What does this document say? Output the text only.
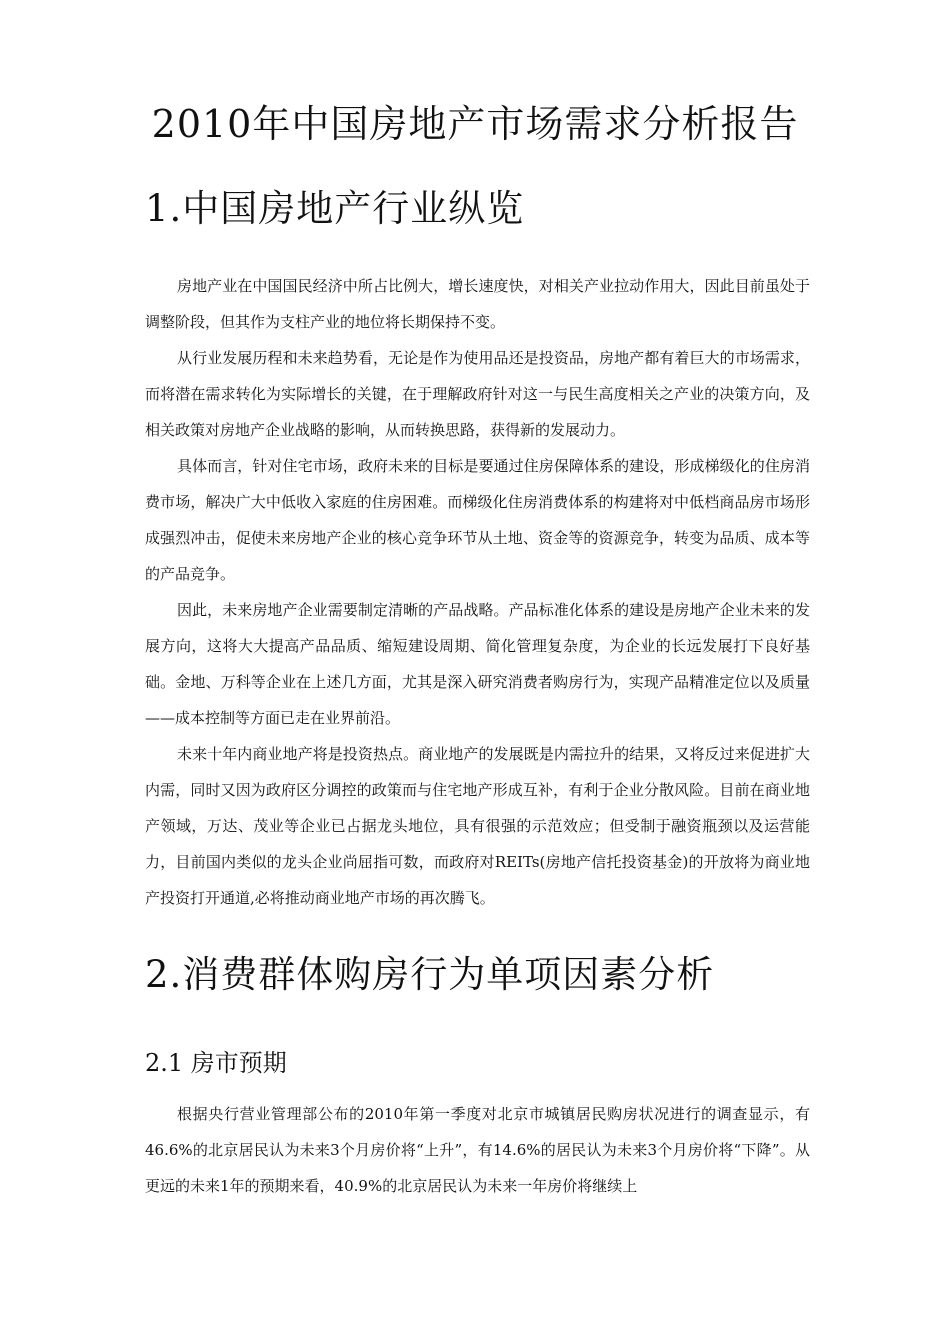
2010年中国房地产市场需求分析报告
1.中国房地产行业纵览

房地产业在中国国民经济中所占比例大，增长速度快，对相关产业拉动作用大，因此目前虽处于调整阶段，但其作为支柱产业的地位将长期保持不变。

从行业发展历程和未来趋势看，无论是作为使用品还是投资品，房地产都有着巨大的市场需求，而将潜在需求转化为实际增长的关键，在于理解政府针对这一与民生高度相关之产业的决策方向，及相关政策对房地产企业战略的影响，从而转换思路，获得新的发展动力。

具体而言，针对住宅市场，政府未来的目标是要通过住房保障体系的建设，形成梯级化的住房消费市场，解决广大中低收入家庭的住房困难。而梯级化住房消费体系的构建将对中低档商品房市场形成强烈冲击，促使未来房地产企业的核心竞争环节从土地、资金等的资源竞争，转变为品质、成本等的产品竞争。

因此，未来房地产企业需要制定清晰的产品战略。产品标准化体系的建设是房地产企业未来的发展方向，这将大大提高产品品质、缩短建设周期、简化管理复杂度，为企业的长远发展打下良好基础。金地、万科等企业在上述几方面，尤其是深入研究消费者购房行为，实现产品精准定位以及质量——成本控制等方面已走在业界前沿。

未来十年内商业地产将是投资热点。商业地产的发展既是内需拉升的结果，又将反过来促进扩大内需，同时又因为政府区分调控的政策而与住宅地产形成互补，有利于企业分散风险。目前在商业地产领域，万达、茂业等企业已占据龙头地位，具有很强的示范效应；但受制于融资瓶颈以及运营能力，目前国内类似的龙头企业尚屈指可数，而政府对REITs(房地产信托投资基金)的开放将为商业地产投资打开通道,必将推动商业地产市场的再次腾飞。

2.消费群体购房行为单项因素分析
2.1 房市预期

根据央行营业管理部公布的2010年第一季度对北京市城镇居民购房状况进行的调查显示，有46.6%的北京居民认为未来3个月房价将“上升”，有14.6%的居民认为未来3个月房价将“下降”。从更远的未来1年的预期来看，40.9%的北京居民认为未来一年房价将继续上
